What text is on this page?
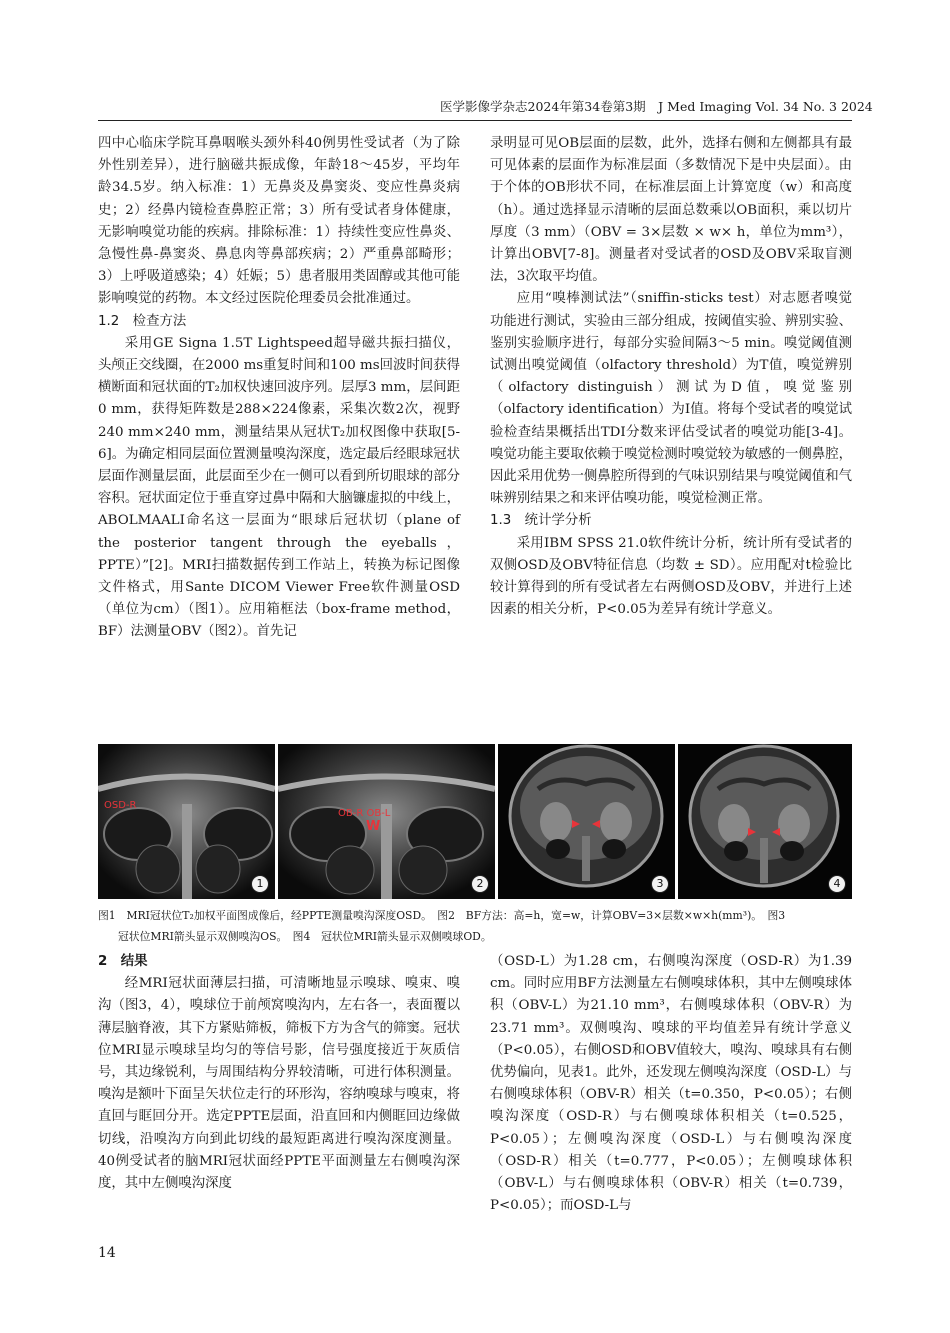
医学影像学杂志2024年第34卷第3期　J Med Imaging Vol. 34 No. 3 2024

四中心临床学院耳鼻咽喉头颈外科40例男性受试者（为了除外性别差异），进行脑磁共振成像，年龄18～45岁，平均年龄34.5岁。纳入标准：1）无鼻炎及鼻窦炎、变应性鼻炎病史；2）经鼻内镜检查鼻腔正常；3）所有受试者身体健康，无影响嗅觉功能的疾病。排除标准：1）持续性变应性鼻炎、急慢性鼻-鼻窦炎、鼻息肉等鼻部疾病；2）严重鼻部畸形；3）上呼吸道感染；4）妊娠；5）患者服用类固醇或其他可能影响嗅觉的药物。本文经过医院伦理委员会批准通过。

1.2　检查方法

采用GE Signa 1.5T Lightspeed超导磁共振扫描仪，头颅正交线圈，在2000 ms重复时间和100 ms回波时间获得横断面和冠状面的T₂加权快速回波序列。层厚3 mm，层间距0 mm，获得矩阵数是288×224像素，采集次数2次，视野240 mm×240 mm，测量结果从冠状T₂加权图像中获取[5-6]。为确定相同层面位置测量嗅沟深度，选定最后经眼球冠状层面作测量层面，此层面至少在一侧可以看到所切眼球的部分容积。冠状面定位于垂直穿过鼻中隔和大脑镰虚拟的中线上，ABOLMAALI命名这一层面为“眼球后冠状切（plane of the posterior tangent through the eyeballs，PPTE）”[2]。MRI扫描数据传到工作站上，转换为标记图像文件格式，用Sante DICOM Viewer Free软件测量OSD（单位为cm）（图1）。应用箱框法（box-frame method，BF）法测量OBV（图2）。首先记

录明显可见OB层面的层数，此外，选择右侧和左侧都具有最可见体素的层面作为标准层面（多数情况下是中央层面）。由于个体的OB形状不同，在标准层面上计算宽度（w）和高度（h）。通过选择显示清晰的层面总数乘以OB面积，乘以切片厚度（3 mm）（OBV = 3×层数 × w× h，单位为mm³），计算出OBV[7-8]。测量者对受试者的OSD及OBV采取盲测法，3次取平均值。

应用“嗅棒测试法”（sniffin-sticks test）对志愿者嗅觉功能进行测试，实验由三部分组成，按阈值实验、辨别实验、鉴别实验顺序进行，每部分实验间隔3～5 min。嗅觉阈值测试测出嗅觉阈值（olfactory threshold）为T值，嗅觉辨别（olfactory distinguish）测试为D值，嗅觉鉴别（olfactory identification）为I值。将每个受试者的嗅觉试验检查结果概括出TDI分数来评估受试者的嗅觉功能[3-4]。嗅觉功能主要取依赖于嗅觉检测时嗅觉较为敏感的一侧鼻腔，因此采用优势一侧鼻腔所得到的气味识别结果与嗅觉阈值和气味辨别结果之和来评估嗅功能，嗅觉检测正常。

1.3　统计学分析

采用IBM SPSS 21.0软件统计分析，统计所有受试者的双侧OSD及OBV特征信息（均数 ± SD）。应用配对t检验比较计算得到的所有受试者左右两侧OSD及OBV，并进行上述因素的相关分析，P<0.05为差异有统计学意义。

OSD-R
1
OB-R OB-L
W
2	3	4
图1　MRI冠状位T₂加权平面图成像后，经PPTE测量嗅沟深度OSD。　图2　BF方法：高=h，宽=w，计算OBV=3×层数×w×h(mm³)。　图3
冠状位MRI箭头显示双侧嗅沟OS。　图4　冠状位MRI箭头显示双侧嗅球OD。

2　结果

经MRI冠状面薄层扫描，可清晰地显示嗅球、嗅束、嗅沟（图3，4），嗅球位于前颅窝嗅沟内，左右各一，表面覆以薄层脑脊液，其下方紧贴筛板，筛板下方为含气的筛窦。冠状位MRI显示嗅球呈均匀的等信号影，信号强度接近于灰质信号，其边缘锐利，与周围结构分界较清晰，可进行体积测量。嗅沟是额叶下面呈矢状位走行的环形沟，容纳嗅球与嗅束，将直回与眶回分开。选定PPTE层面，沿直回和内侧眶回边缘做切线，沿嗅沟方向到此切线的最短距离进行嗅沟深度测量。40例受试者的脑MRI冠状面经PPTE平面测量左右侧嗅沟深度，其中左侧嗅沟深度

（OSD-L）为1.28 cm，右侧嗅沟深度（OSD-R）为1.39 cm。同时应用BF方法测量左右侧嗅球体积，其中左侧嗅球体积（OBV-L）为21.10 mm³，右侧嗅球体积（OBV-R）为23.71 mm³。双侧嗅沟、嗅球的平均值差异有统计学意义（P<0.05），右侧OSD和OBV值较大，嗅沟、嗅球具有右侧优势偏向，见表1。此外，还发现左侧嗅沟深度（OSD-L）与右侧嗅球体积（OBV-R）相关（t=0.350，P<0.05）；右侧嗅沟深度（OSD-R）与右侧嗅球体积相关（t=0.525，P<0.05）；左侧嗅沟深度（OSD-L）与右侧嗅沟深度（OSD-R）相关（t=0.777，P<0.05）；左侧嗅球体积（OBV-L）与右侧嗅球体积（OBV-R）相关（t=0.739，P<0.05）；而OSD-L与

14
